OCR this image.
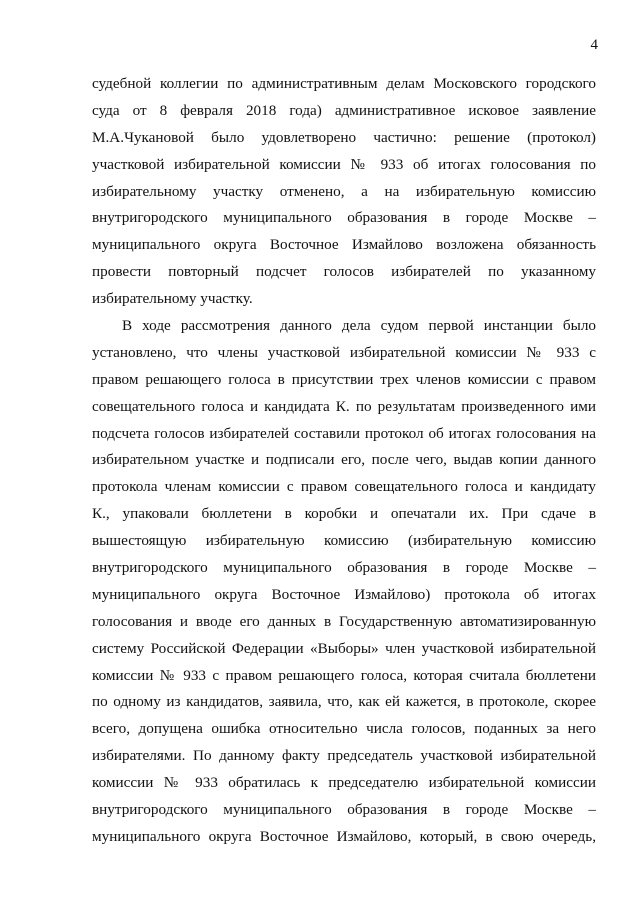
4
судебной коллегии по административным делам Московского городского
суда от 8 февраля 2018 года) административное исковое заявление
М.А.Чукановой было удовлетворено частично: решение (протокол)
участковой избирательной комиссии № 933 об итогах голосования по
избирательному участку отменено, а на избирательную комиссию
внутригородского муниципального образования в городе Москве –
муниципального округа Восточное Измайлово возложена обязанность
провести повторный подсчет голосов избирателей по указанному
избирательному участку.
В ходе рассмотрения данного дела судом первой инстанции было
установлено, что члены участковой избирательной комиссии № 933 с
правом решающего голоса в присутствии трех членов комиссии с правом
совещательного голоса и кандидата К. по результатам произведенного ими
подсчета голосов избирателей составили протокол об итогах голосования на
избирательном участке и подписали его, после чего, выдав копии данного
протокола членам комиссии с правом совещательного голоса и кандидату
К., упаковали бюллетени в коробки и опечатали их. При сдаче в
вышестоящую избирательную комиссию (избирательную комиссию
внутригородского муниципального образования в городе Москве –
муниципального округа Восточное Измайлово) протокола об итогах
голосования и вводе его данных в Государственную автоматизированную
систему Российской Федерации «Выборы» член участковой избирательной
комиссии № 933 с правом решающего голоса, которая считала бюллетени
по одному из кандидатов, заявила, что, как ей кажется, в протоколе, скорее
всего, допущена ошибка относительно числа голосов, поданных за него
избирателями. По данному факту председатель участковой избирательной
комиссии № 933 обратилась к председателю избирательной комиссии
внутригородского муниципального образования в городе Москве –
муниципального округа Восточное Измайлово, который, в свою очередь,
